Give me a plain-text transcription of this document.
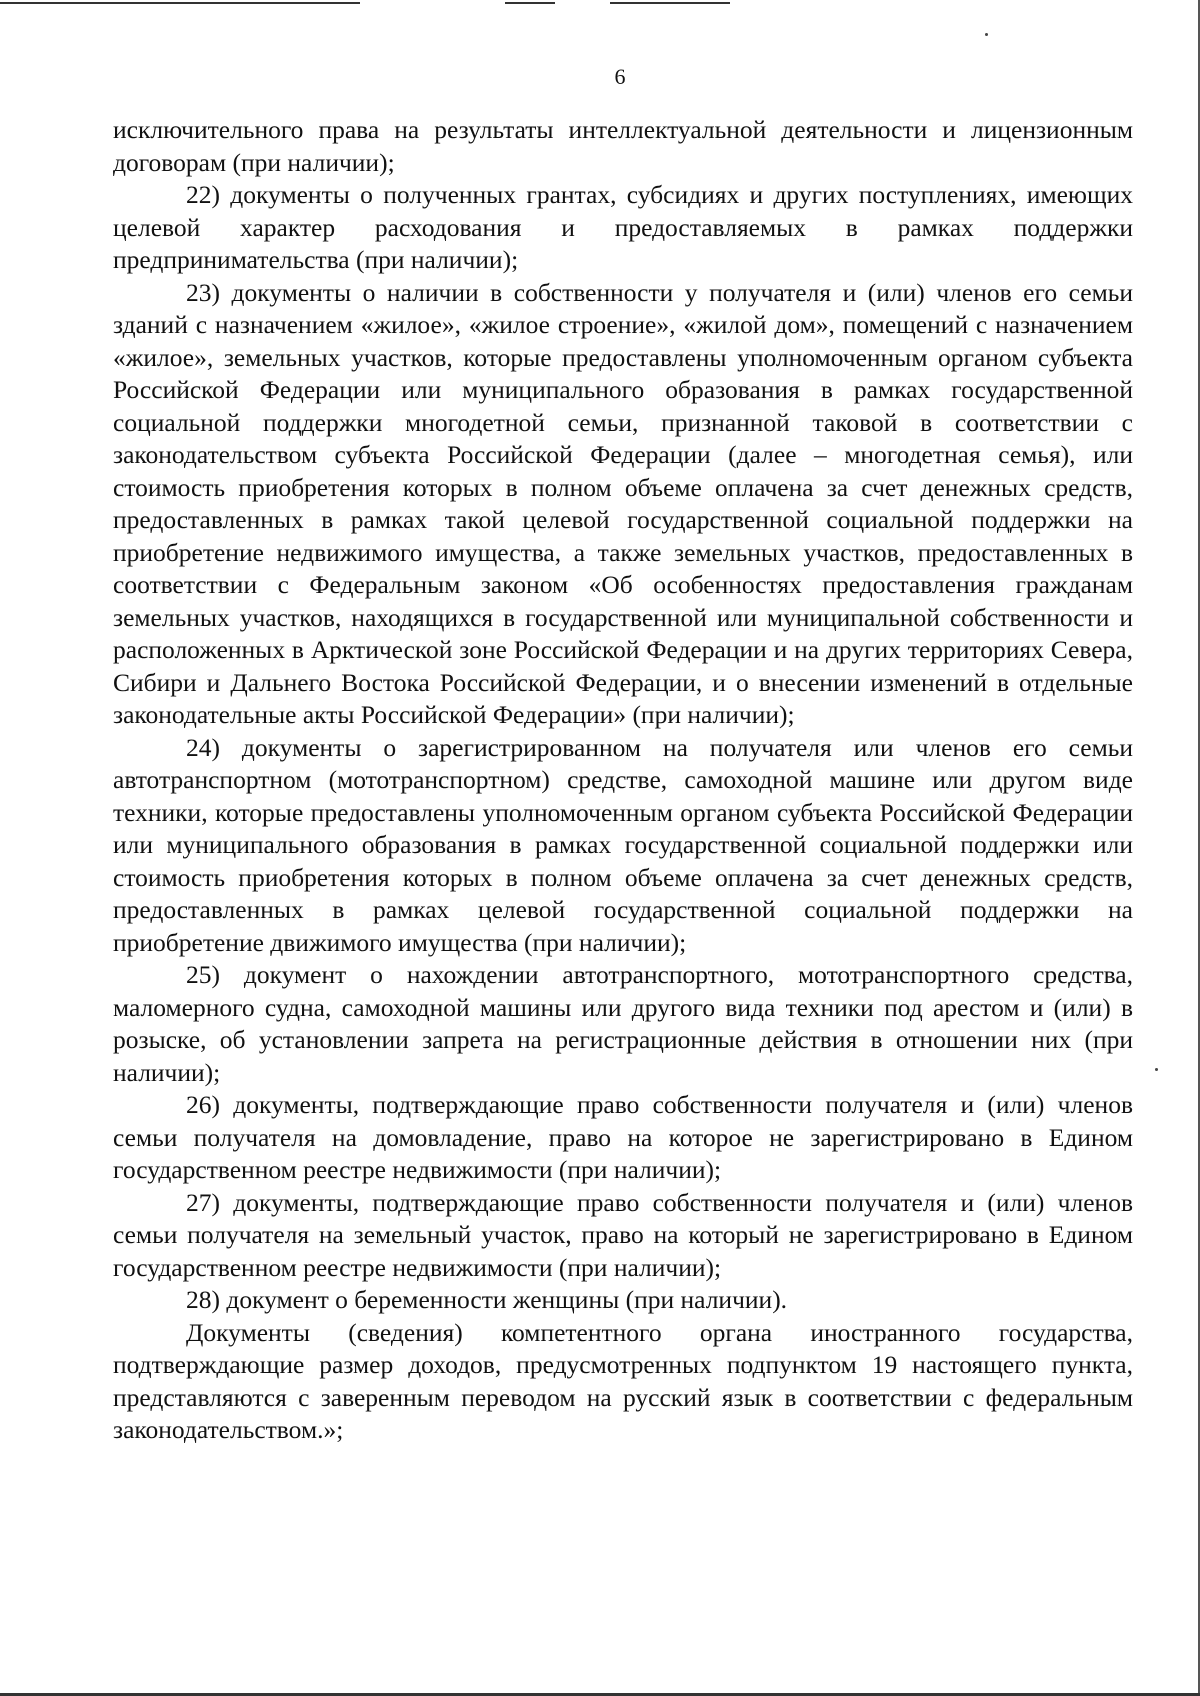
6

исключительного права на результаты интеллектуальной деятельности и лицензионным договорам (при наличии);

22) документы о полученных грантах, субсидиях и других поступлениях, имеющих целевой характер расходования и предоставляемых в рамках поддержки предпринимательства (при наличии);

23) документы о наличии в собственности у получателя и (или) членов его семьи зданий с назначением «жилое», «жилое строение», «жилой дом», помещений с назначением «жилое», земельных участков, которые предоставлены уполномоченным органом субъекта Российской Федерации или муниципального образования в рамках государственной социальной поддержки многодетной семьи, признанной таковой в соответствии с законодательством субъекта Российской Федерации (далее – многодетная семья), или стоимость приобретения которых в полном объеме оплачена за счет денежных средств, предоставленных в рамках такой целевой государственной социальной поддержки на приобретение недвижимого имущества, а также земельных участков, предоставленных в соответствии с Федеральным законом «Об особенностях предоставления гражданам земельных участков, находящихся в государственной или муниципальной собственности и расположенных в Арктической зоне Российской Федерации и на других территориях Севера, Сибири и Дальнего Востока Российской Федерации, и о внесении изменений в отдельные законодательные акты Российской Федерации» (при наличии);

24) документы о зарегистрированном на получателя или членов его семьи автотранспортном (мототранспортном) средстве, самоходной машине или другом виде техники, которые предоставлены уполномоченным органом субъекта Российской Федерации или муниципального образования в рамках государственной социальной поддержки или стоимость приобретения которых в полном объеме оплачена за счет денежных средств, предоставленных в рамках целевой государственной социальной поддержки на приобретение движимого имущества (при наличии);

25) документ о нахождении автотранспортного, мототранспортного средства, маломерного судна, самоходной машины или другого вида техники под арестом и (или) в розыске, об установлении запрета на регистрационные действия в отношении них (при наличии);

26) документы, подтверждающие право собственности получателя и (или) членов семьи получателя на домовладение, право на которое не зарегистрировано в Едином государственном реестре недвижимости (при наличии);

27) документы, подтверждающие право собственности получателя и (или) членов семьи получателя на земельный участок, право на который не зарегистрировано в Едином государственном реестре недвижимости (при наличии);

28) документ о беременности женщины (при наличии).

Документы (сведения) компетентного органа иностранного государства, подтверждающие размер доходов, предусмотренных подпунктом 19 настоящего пункта, представляются с заверенным переводом на русский язык в соответствии с федеральным законодательством.»;
